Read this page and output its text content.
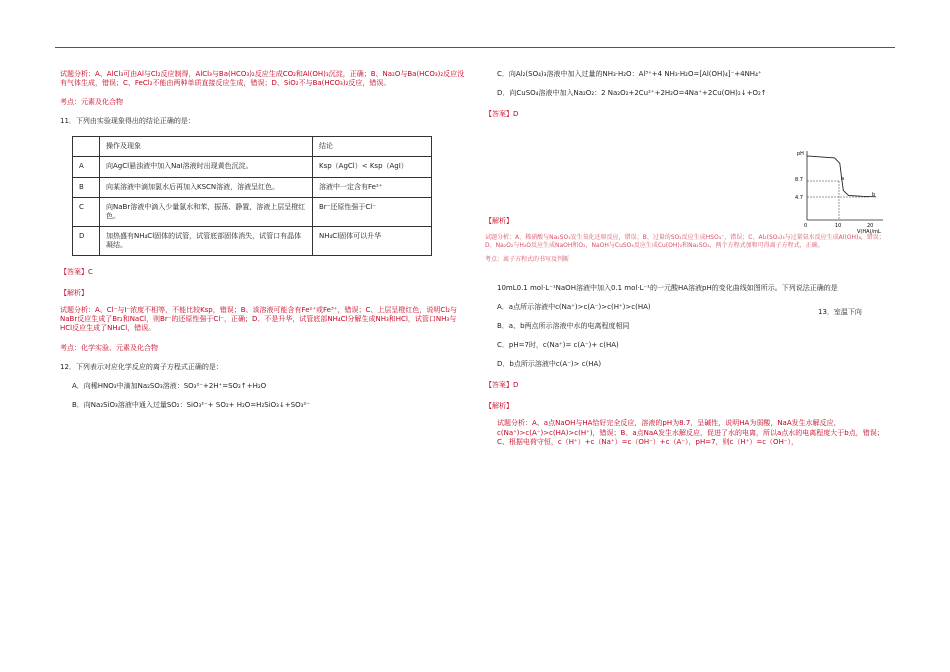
试题分析：A、AlCl₃可由Al与Cl₂反应制得，AlCl₃与Ba(HCO₃)₂反应生成CO₂和Al(OH)₃沉淀，正确；B、Na₂O与Ba(HCO₃)₂反应没有气体生成，错误；C、FeCl₂不能由两种单质直接反应生成，错误；D、SiO₂不与Ba(HCO₃)₂反应，错误。

考点：元素及化合物

11．下列由实验现象得出的结论正确的是：

	操作及现象	结论
A	向AgCl悬浊液中加入NaI溶液时出现黄色沉淀。	Ksp（AgCl）< Ksp（AgI）
B	向某溶液中滴加氯水后再加入KSCN溶液，溶液呈红色。	溶液中一定含有Fe²⁺
C	向NaBr溶液中滴入少量氯水和苯，振荡、静置，溶液上层呈橙红色。	Br⁻还原性强于Cl⁻
D	加热盛有NH₄Cl固体的试管，试管底部固体消失，试管口有晶体凝结。	NH₄Cl固体可以升华

【答案】C

【解析】

试题分析：A、Cl⁻与I⁻浓度不相等，不能比较Ksp，错误；B、该溶液可能含有Fe²⁺或Fe³⁺，错误；C、上层呈橙红色，说明Cl₂与NaBr反应生成了Br₂和NaCl，则Br⁻的还原性强于Cl⁻，正确；D、不是升华，试管底部NH₄Cl分解生成NH₃和HCl，试管口NH₃与HCl反应生成了NH₄Cl，错误。

考点：化学实验、元素及化合物

12．下列表示对应化学反应的离子方程式正确的是：

A．向稀HNO₃中滴加Na₂SO₃溶液：SO₃²⁻+2H⁺=SO₂↑+H₂O

B．向Na₂SiO₃溶液中通入过量SO₂：SiO₃²⁻+ SO₂+ H₂O=H₂SiO₃↓+SO₃²⁻

C．向Al₂(SO₄)₃溶液中加入过量的NH₃·H₂O：Al³⁺+4 NH₃·H₂O=[Al(OH)₄]⁻+4NH₄⁺

D．向CuSO₄溶液中加入Na₂O₂：2 Na₂O₂+2Cu²⁺+2H₂O=4Na⁺+2Cu(OH)₂↓+O₂↑

【答案】D

【解析】

试题分析：A、稀硝酸与Na₂SO₃发生氧化还原反应，错误；B、过量的SO₂反应生成HSO₃⁻，错误；C、Al₂(SO₄)₃与过量氨水反应生成Al(OH)₃，错误；D、Na₂O₂与H₂O反应生成NaOH和O₂，NaOH与CuSO₄反应生成Cu(OH)₂和Na₂SO₄，两个方程式加和可得离子方程式，正确。

考点：离子方程式的书写及判断

10mL0.1 mol·L⁻¹NaOH溶液中加入0.1 mol·L⁻¹的一元酸HA溶液pH的变化曲线如图所示。下列说法正确的是

A．a点所示溶液中c(Na⁺)>c(A⁻)>c(H⁺)>c(HA)

B．a、b两点所示溶液中水的电离程度相同

C．pH=7时，c(Na⁺)= c(A⁻)+ c(HA)

D．b点所示溶液中c(A⁻)> c(HA)

【答案】D

【解析】

试题分析：A、a点NaOH与HA恰好完全反应，溶液的pH为8.7，呈碱性，说明HA为弱酸，NaA发生水解反应，c(Na⁺)>c(A⁻)>c(HA)>c(H⁺)，错误；B、a点NaA发生水解反应，促进了水的电离，所以a点水的电离程度大于b点，错误；C、根据电荷守恒，c（H⁺）+c（Na⁺）=c（OH⁻）+c（A⁻），pH=7，则c（H⁺）=c（OH⁻），

13．室温下向
pH
V(HA)/mL
0	10	20
4.7
8.7	a
b
